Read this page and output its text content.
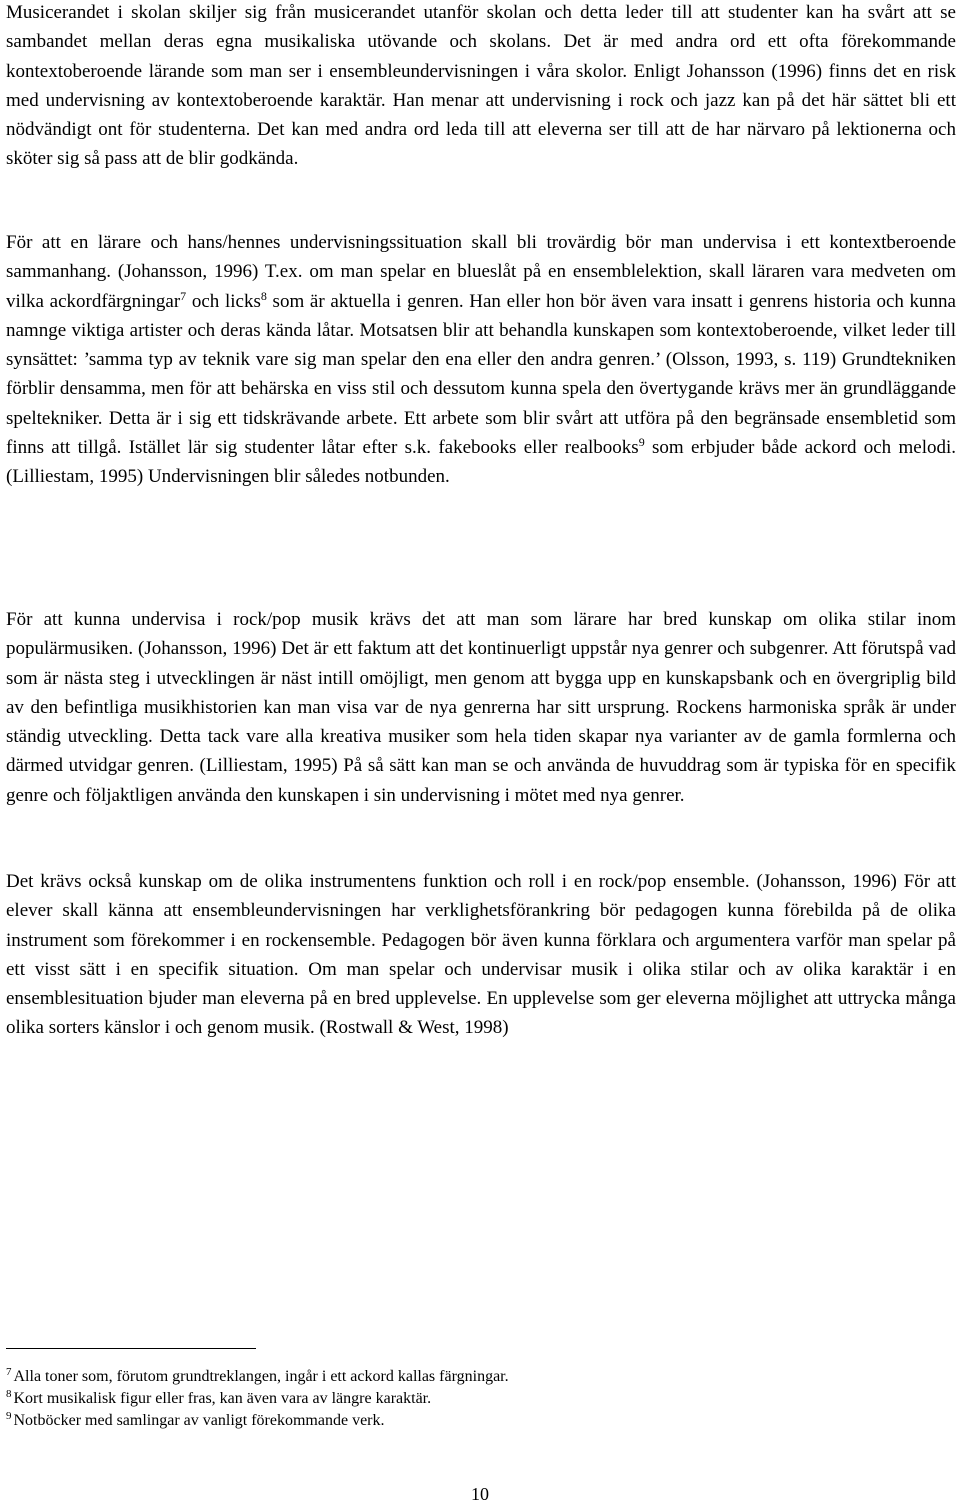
Musicerandet i skolan skiljer sig från musicerandet utanför skolan och detta leder till att studenter kan ha svårt att se sambandet mellan deras egna musikaliska utövande och skolans. Det är med andra ord ett ofta förekommande kontextoberoende lärande som man ser i ensembleundervisningen i våra skolor. Enligt Johansson (1996) finns det en risk med undervisning av kontextoberoende karaktär. Han menar att undervisning i rock och jazz kan på det här sättet bli ett nödvändigt ont för studenterna. Det kan med andra ord leda till att eleverna ser till att de har närvaro på lektionerna och sköter sig så pass att de blir godkända.

För att en lärare och hans/hennes undervisningssituation skall bli trovärdig bör man undervisa i ett kontextberoende sammanhang. (Johansson, 1996) T.ex. om man spelar en blueslåt på en ensemblelektion, skall läraren vara medveten om vilka ackordfärgningar$^7$ och licks$^8$ som är aktuella i genren. Han eller hon bör även vara insatt i genrens historia och kunna namnge viktiga artister och deras kända låtar. Motsatsen blir att behandla kunskapen som kontextoberoende, vilket leder till synsättet: ’samma typ av teknik vare sig man spelar den ena eller den andra genren.’ (Olsson, 1993, s. 119) Grundtekniken förblir densamma, men för att behärska en viss stil och dessutom kunna spela den övertygande krävs mer än grundläggande speltekniker. Detta är i sig ett tidskrävande arbete. Ett arbete som blir svårt att utföra på den begränsade ensembletid som finns att tillgå. Istället lär sig studenter låtar efter s.k. fakebooks eller realbooks$^9$ som erbjuder både ackord och melodi. (Lilliestam, 1995) Undervisningen blir således notbunden.

För att kunna undervisa i rock/pop musik krävs det att man som lärare har bred kunskap om olika stilar inom populärmusiken. (Johansson, 1996) Det är ett faktum att det kontinuerligt uppstår nya genrer och subgenrer. Att förutspå vad som är nästa steg i utvecklingen är näst intill omöjligt, men genom att bygga upp en kunskapsbank och en övergriplig bild av den befintliga musikhistorien kan man visa var de nya genrerna har sitt ursprung. Rockens harmoniska språk är under ständig utveckling. Detta tack vare alla kreativa musiker som hela tiden skapar nya varianter av de gamla formlerna och därmed utvidgar genren. (Lilliestam, 1995) På så sätt kan man se och använda de huvuddrag som är typiska för en specifik genre och följaktligen använda den kunskapen i sin undervisning i mötet med nya genrer.

Det krävs också kunskap om de olika instrumentens funktion och roll i en rock/pop ensemble. (Johansson, 1996) För att elever skall känna att ensembleundervisningen har verklighetsförankring bör pedagogen kunna förebilda på de olika instrument som förekommer i en rockensemble. Pedagogen bör även kunna förklara och argumentera varför man spelar på ett visst sätt i en specifik situation. Om man spelar och undervisar musik i olika stilar och av olika karaktär i en ensemblesituation bjuder man eleverna på en bred upplevelse. En upplevelse som ger eleverna möjlighet att uttrycka många olika sorters känslor i och genom musik. (Rostwall & West, 1998)

$^7$ Alla toner som, förutom grundtreklangen, ingår i ett ackord kallas färgningar.

$^8$ Kort musikalisk figur eller fras, kan även vara av längre karaktär.

$^9$ Notböcker med samlingar av vanligt förekommande verk.

10
